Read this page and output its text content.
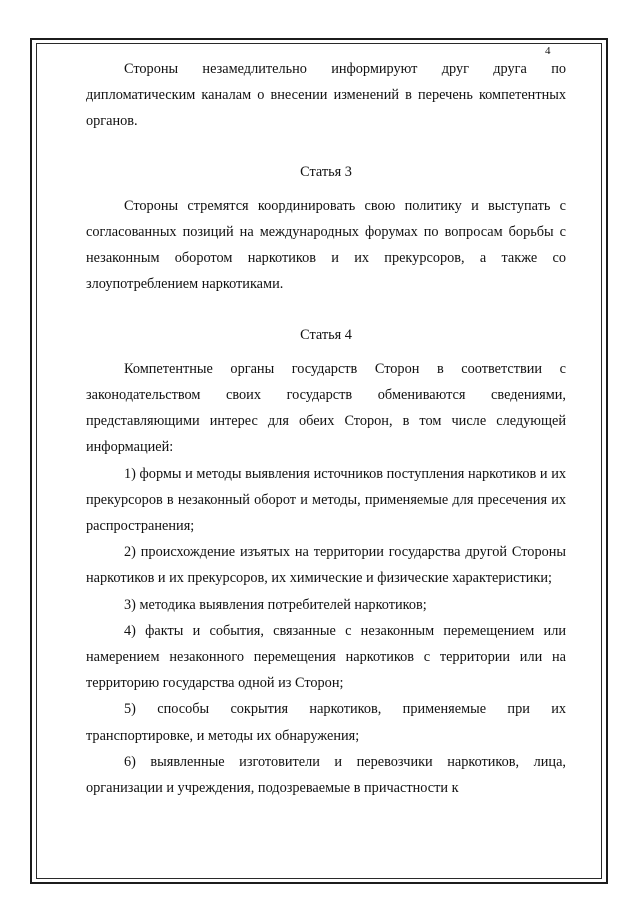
4

Стороны незамедлительно информируют друг друга по дипломатическим каналам о внесении изменений в перечень компетентных органов.

Статья 3

Стороны стремятся координировать свою политику и выступать с согласованных позиций на международных форумах по вопросам борьбы с незаконным оборотом наркотиков и их прекурсоров, а также со злоупотреблением наркотиками.

Статья 4

Компетентные органы государств Сторон в соответствии с законодательством своих государств обмениваются сведениями, представляющими интерес для обеих Сторон, в том числе следующей информацией:

1) формы и методы выявления источников поступления наркотиков и их прекурсоров в незаконный оборот и методы, применяемые для пресечения их распространения;

2) происхождение изъятых на территории государства другой Стороны наркотиков и их прекурсоров, их химические и физические характеристики;

3) методика выявления потребителей наркотиков;

4) факты и события, связанные с незаконным перемещением или намерением незаконного перемещения наркотиков с территории или на территорию государства одной из Сторон;

5) способы сокрытия наркотиков, применяемые при их транспортировке, и методы их обнаружения;

6) выявленные изготовители и перевозчики наркотиков, лица, организации и учреждения, подозреваемые в причастности к
